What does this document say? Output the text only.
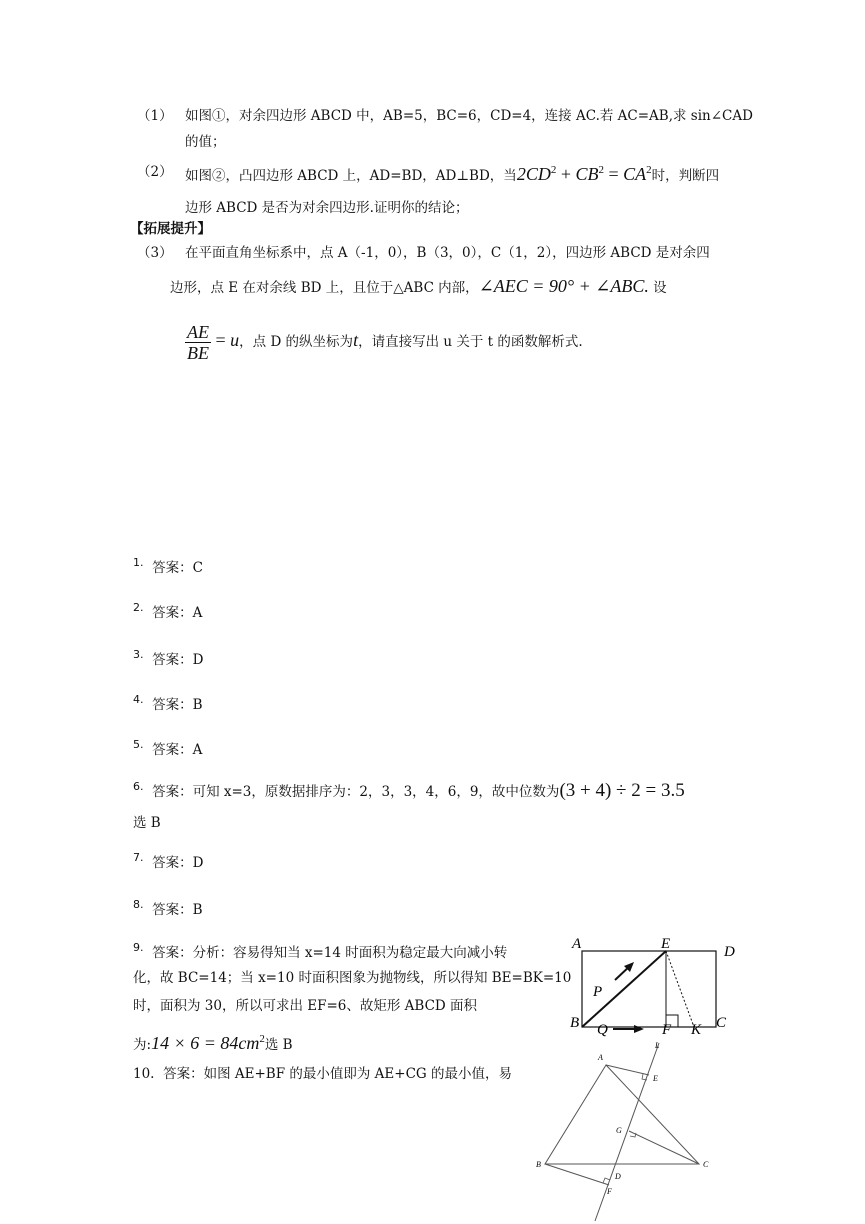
（1） 如图①，对余四边形 ABCD 中，AB=5，BC=6，CD=4，连接 AC.若 AC=AB,求 sin∠CAD
的值；
（2） 如图②，凸四边形 ABCD 上，AD=BD，AD⊥BD，当$2CD^2 + CB^2 = CA^2$时，判断四
边形 ABCD 是否为对余四边形.证明你的结论；
【拓展提升】
（3） 在平面直角坐标系中，点 A（-1，0），B（3，0），C（1，2），四边形 ABCD 是对余四
边形，点 E 在对余线 BD 上，且位于△ABC 内部，∠AEC = 90° + ∠ABC. 设
$\frac{AE}{BE} = u$，点 D 的纵坐标为t，请直接写出 u 关于 t 的函数解析式.
$^{1.}$ 答案：C
$^{2.}$ 答案：A
$^{3.}$ 答案：D
$^{4.}$ 答案：B
$^{5.}$ 答案：A
$^{6.}$ 答案：可知 x=3，原数据排序为：2，3，3，4，6，9，故中位数为(3 + 4) ÷ 2 = 3.5
选 B
$^{7.}$ 答案：D
$^{8.}$ 答案：B
$^{9.}$ 答案：分析：容易得知当 x=14 时面积为稳定最大向减小转
化，故 BC=14；当 x=10 时面积图象为抛物线，所以得知 BE=BK=10
时，面积为 30，所以可求出 EF=6、故矩形 ABCD 面积
为:14 × $6 = 84cm^2$选 B
10. 答案：如图 AE+BF 的最小值即为 AE+CG 的最小值，易
A	E	D
P
B Q	F K C
A
E
G
B	C
D
F
L
